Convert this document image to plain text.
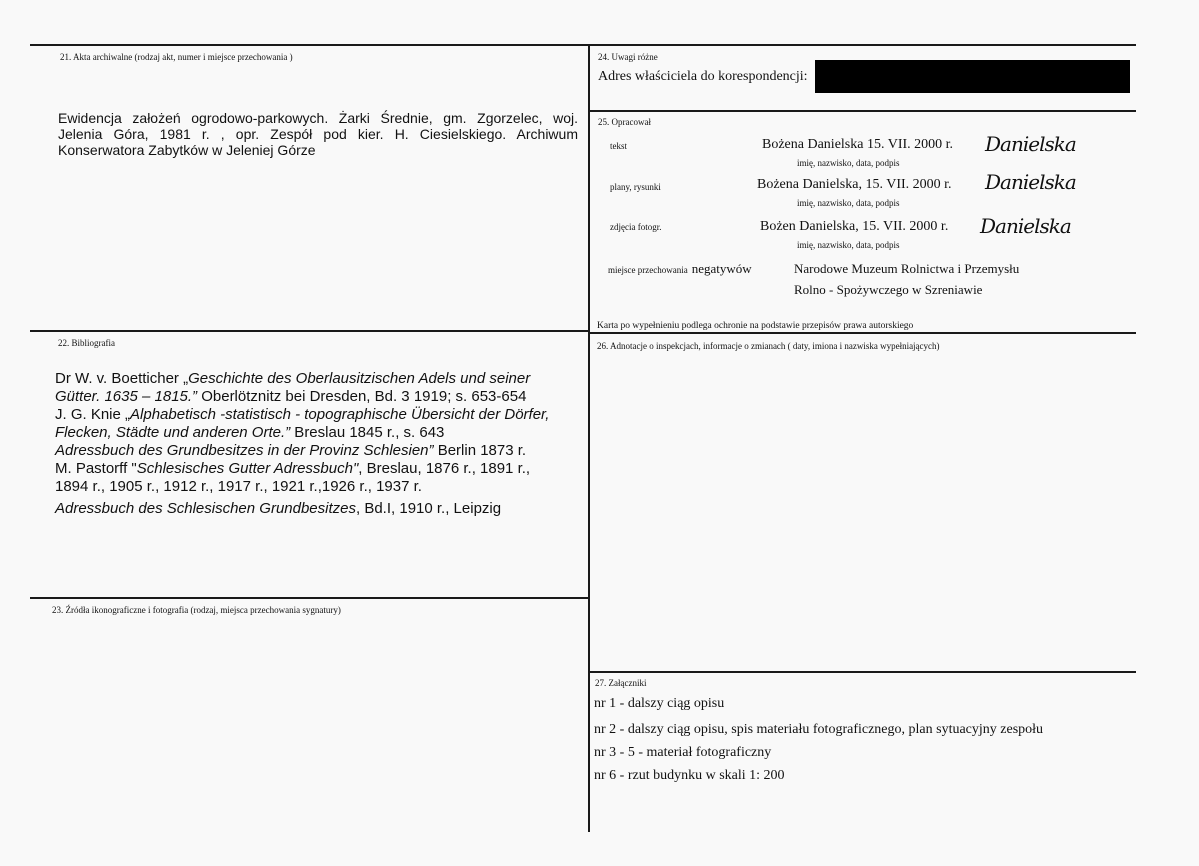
21. Akta archiwalne (rodzaj akt, numer i miejsce przechowania )
Ewidencja założeń ogrodowo-parkowych. Żarki Średnie, gm. Zgorzelec, woj. Jelenia Góra, 1981 r. , opr. Zespół pod kier. H. Ciesielskiego. Archiwum Konserwatora Zabytków w Jeleniej Górze
22. Bibliografia
Dr W. v. Boetticher „Geschichte des Oberlausitzischen Adels und seiner Gütter. 1635 – 1815.” Oberlötznitz bei Dresden, Bd. 3 1919; s. 653-654
J. G. Knie „Alphabetisch -statistisch - topographische Übersicht der Dörfer, Flecken, Städte und anderen Orte.” Breslau 1845 r., s. 643
Adressbuch des Grundbesitzes in der Provinz Schlesien” Berlin 1873 r.
M. Pastorff "Schlesisches Gutter Adressbuch", Breslau, 1876 r., 1891 r., 1894 r., 1905 r., 1912 r., 1917 r., 1921 r.,1926 r., 1937 r.
Adressbuch des Schlesischen Grundbesitzes, Bd.I, 1910 r., Leipzig
23. Źródła ikonograficzne i fotografia (rodzaj, miejsca przechowania sygnatury)
24. Uwagi różne
Adres właściciela do korespondencji:
25. Opracował
tekst	Bożena Danielska 15. VII. 2000 r. Danielska
imię, nazwisko, data, podpis
plany, rysunki	Bożena Danielska, 15. VII. 2000 r. Danielska
imię, nazwisko, data, podpis
zdjęcia fotogr.	Bożen Danielska, 15. VII. 2000 r. Danielska
imię, nazwisko, data, podpis
miejsce przechowania negatywów	Narodowe Muzeum Rolnictwa i Przemysłu
Rolno - Spożywczego w Szreniawie
Karta po wypełnieniu podlega ochronie na podstawie przepisów prawa autorskiego
26. Adnotacje o inspekcjach, informacje o zmianach ( daty, imiona i nazwiska wypełniających)
27. Załączniki
nr 1 - dalszy ciąg opisu
nr 2 - dalszy ciąg opisu, spis materiału fotograficznego, plan sytuacyjny zespołu
nr 3 - 5 - materiał fotograficzny
nr 6 - rzut budynku w skali 1: 200
